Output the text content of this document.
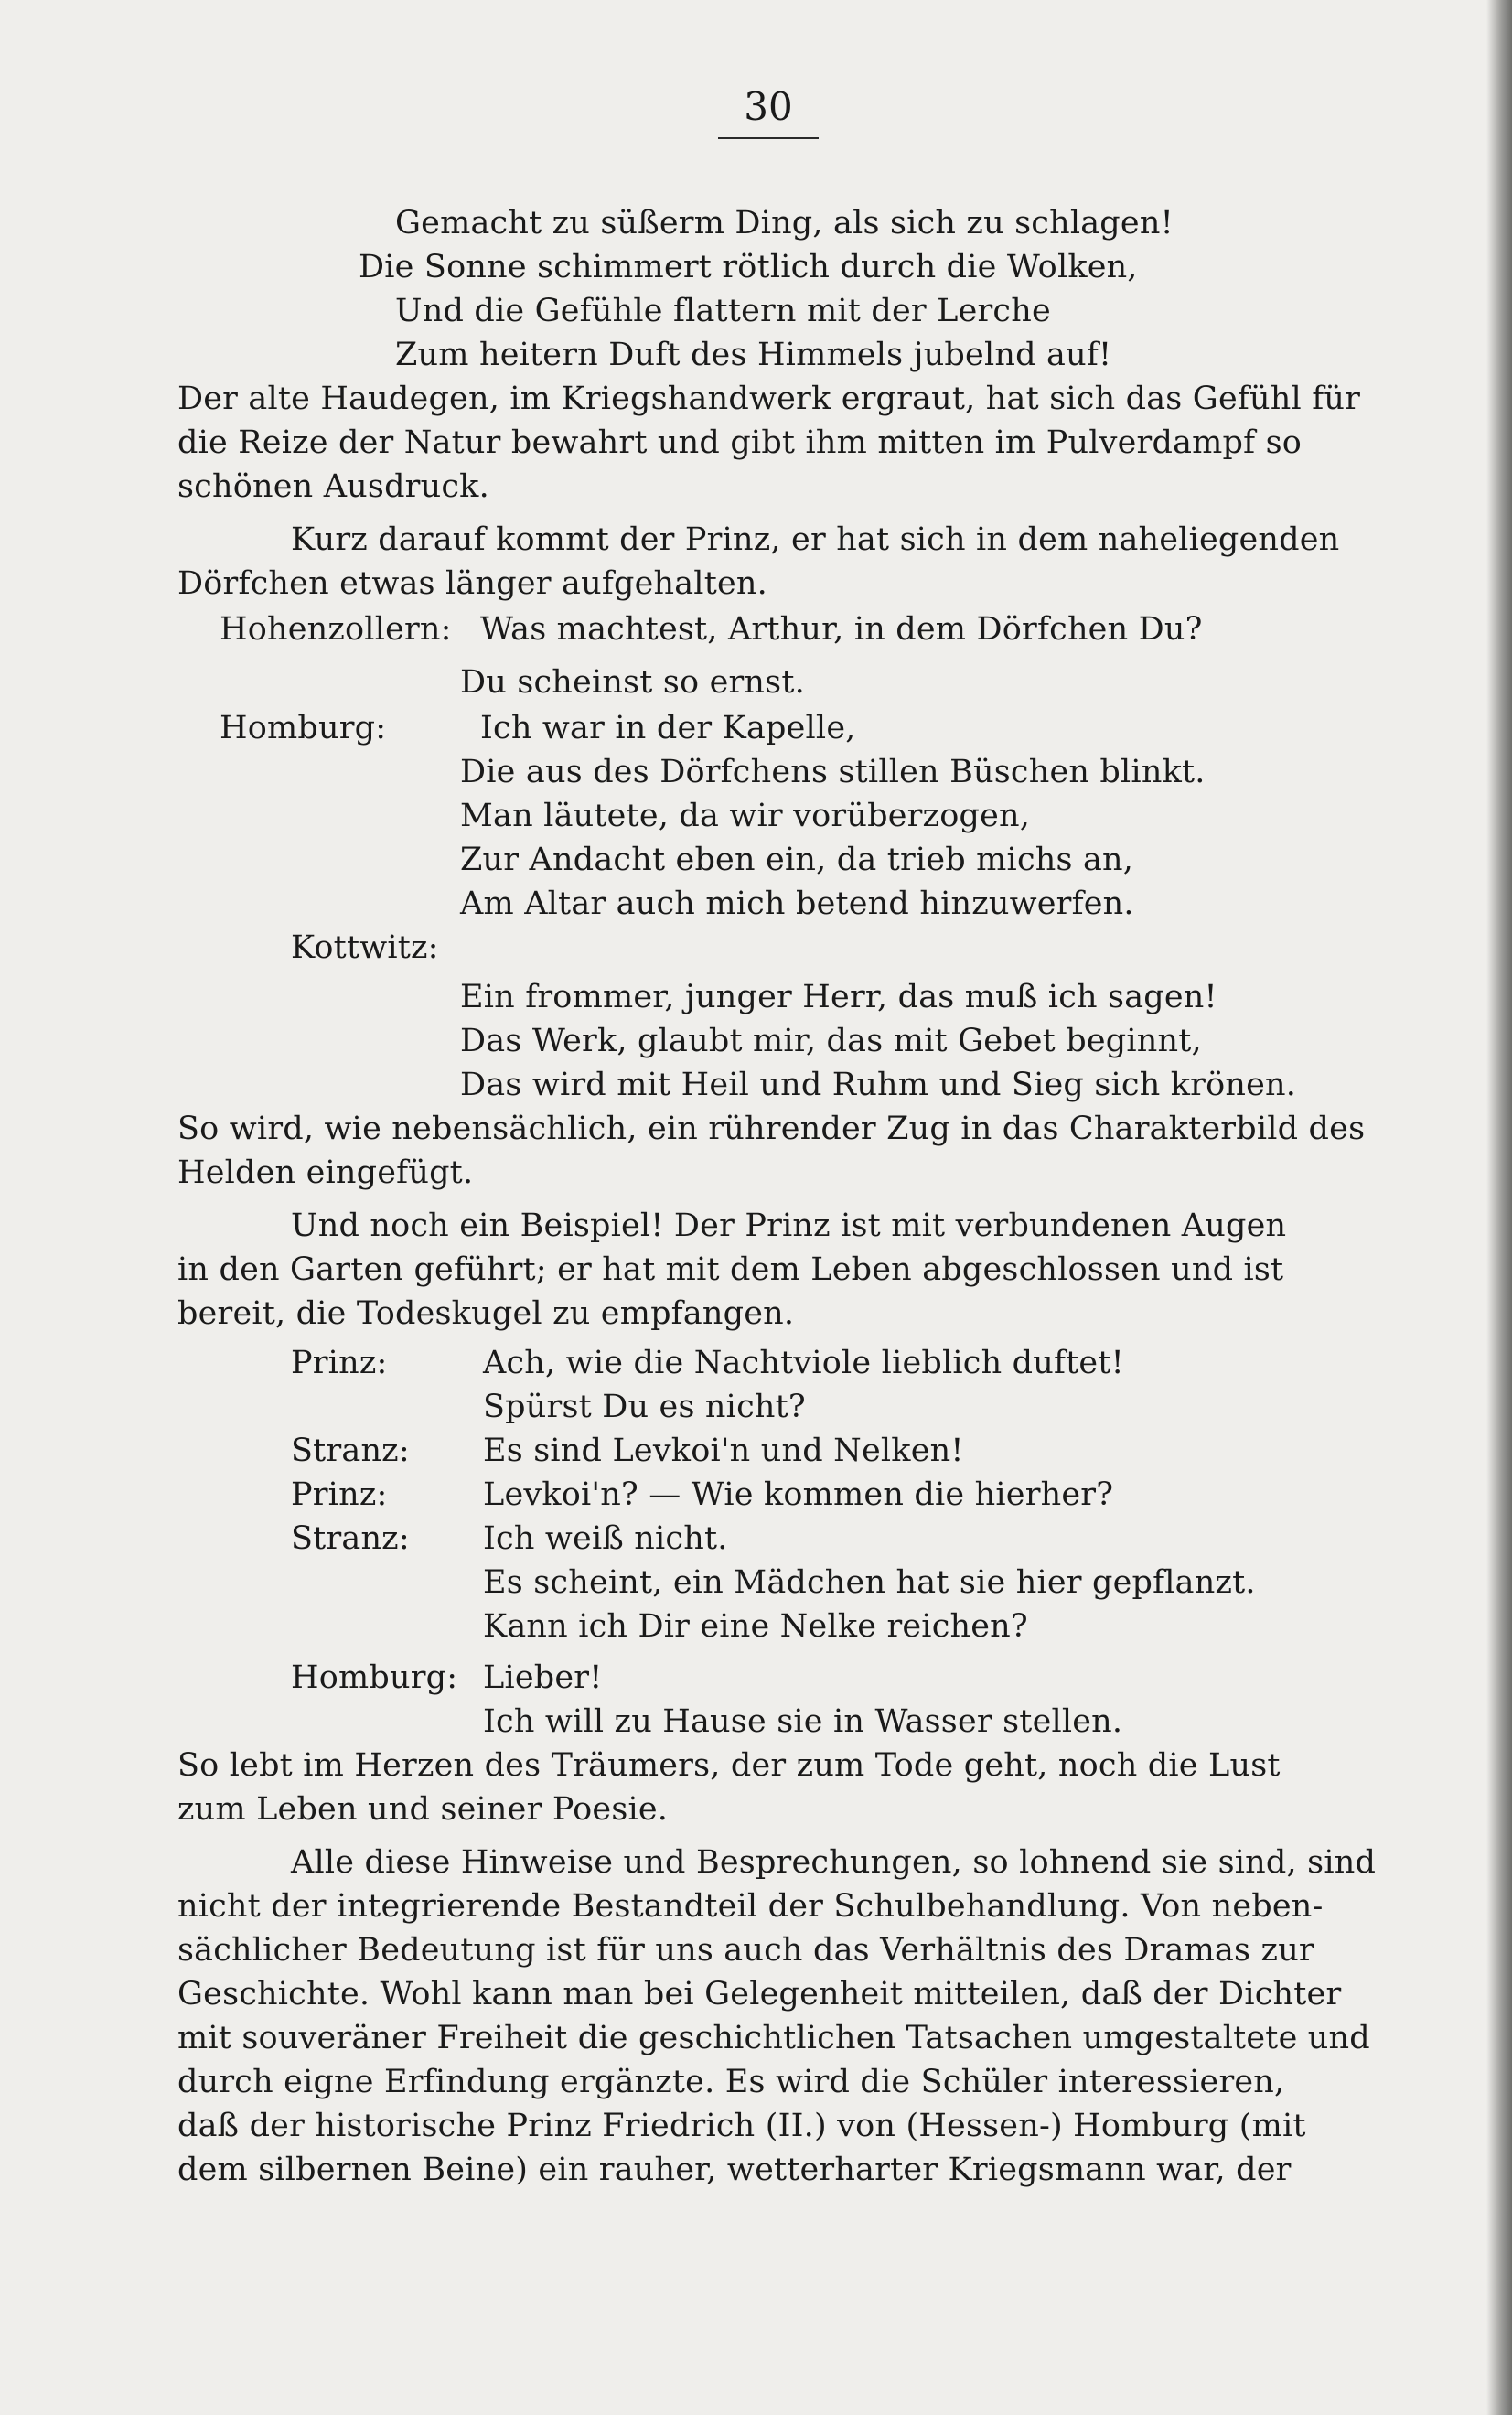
30
Gemacht zu süßerm Ding, als sich zu schlagen!
Die Sonne schimmert rötlich durch die Wolken,
Und die Gefühle flattern mit der Lerche
Zum heitern Duft des Himmels jubelnd auf!
Der alte Haudegen, im Kriegshandwerk ergraut, hat sich das Gefühl für
die Reize der Natur bewahrt und gibt ihm mitten im Pulverdampf so
schönen Ausdruck.
Kurz darauf kommt der Prinz, er hat sich in dem naheliegenden
Dörfchen etwas länger aufgehalten.
Hohenzollern: Was machtest, Arthur, in dem Dörfchen Du?
Du scheinst so ernst.
Homburg:	Ich war in der Kapelle,
Die aus des Dörfchens stillen Büschen blinkt.
Man läutete, da wir vorüberzogen,
Zur Andacht eben ein, da trieb michs an,
Am Altar auch mich betend hinzuwerfen.
Kottwitz:
Ein frommer, junger Herr, das muß ich sagen!
Das Werk, glaubt mir, das mit Gebet beginnt,
Das wird mit Heil und Ruhm und Sieg sich krönen.
So wird, wie nebensächlich, ein rührender Zug in das Charakterbild des
Helden eingefügt.
Und noch ein Beispiel! Der Prinz ist mit verbundenen Augen
in den Garten geführt; er hat mit dem Leben abgeschlossen und ist
bereit, die Todeskugel zu empfangen.
Prinz:	Ach, wie die Nachtviole lieblich duftet!
Spürst Du es nicht?
Stranz: Es sind Levkoi'n und Nelken!
Prinz:	Levkoi'n? — Wie kommen die hierher?
Stranz: Ich weiß nicht.
Es scheint, ein Mädchen hat sie hier gepflanzt.
Kann ich Dir eine Nelke reichen?
Homburg: Lieber!
Ich will zu Hause sie in Wasser stellen.
So lebt im Herzen des Träumers, der zum Tode geht, noch die Lust
zum Leben und seiner Poesie.
Alle diese Hinweise und Besprechungen, so lohnend sie sind, sind
nicht der integrierende Bestandteil der Schulbehandlung. Von neben-
sächlicher Bedeutung ist für uns auch das Verhältnis des Dramas zur
Geschichte. Wohl kann man bei Gelegenheit mitteilen, daß der Dichter
mit souveräner Freiheit die geschichtlichen Tatsachen umgestaltete und
durch eigne Erfindung ergänzte. Es wird die Schüler interessieren,
daß der historische Prinz Friedrich (II.) von (Hessen-) Homburg (mit
dem silbernen Beine) ein rauher, wetterharter Kriegsmann war, der
